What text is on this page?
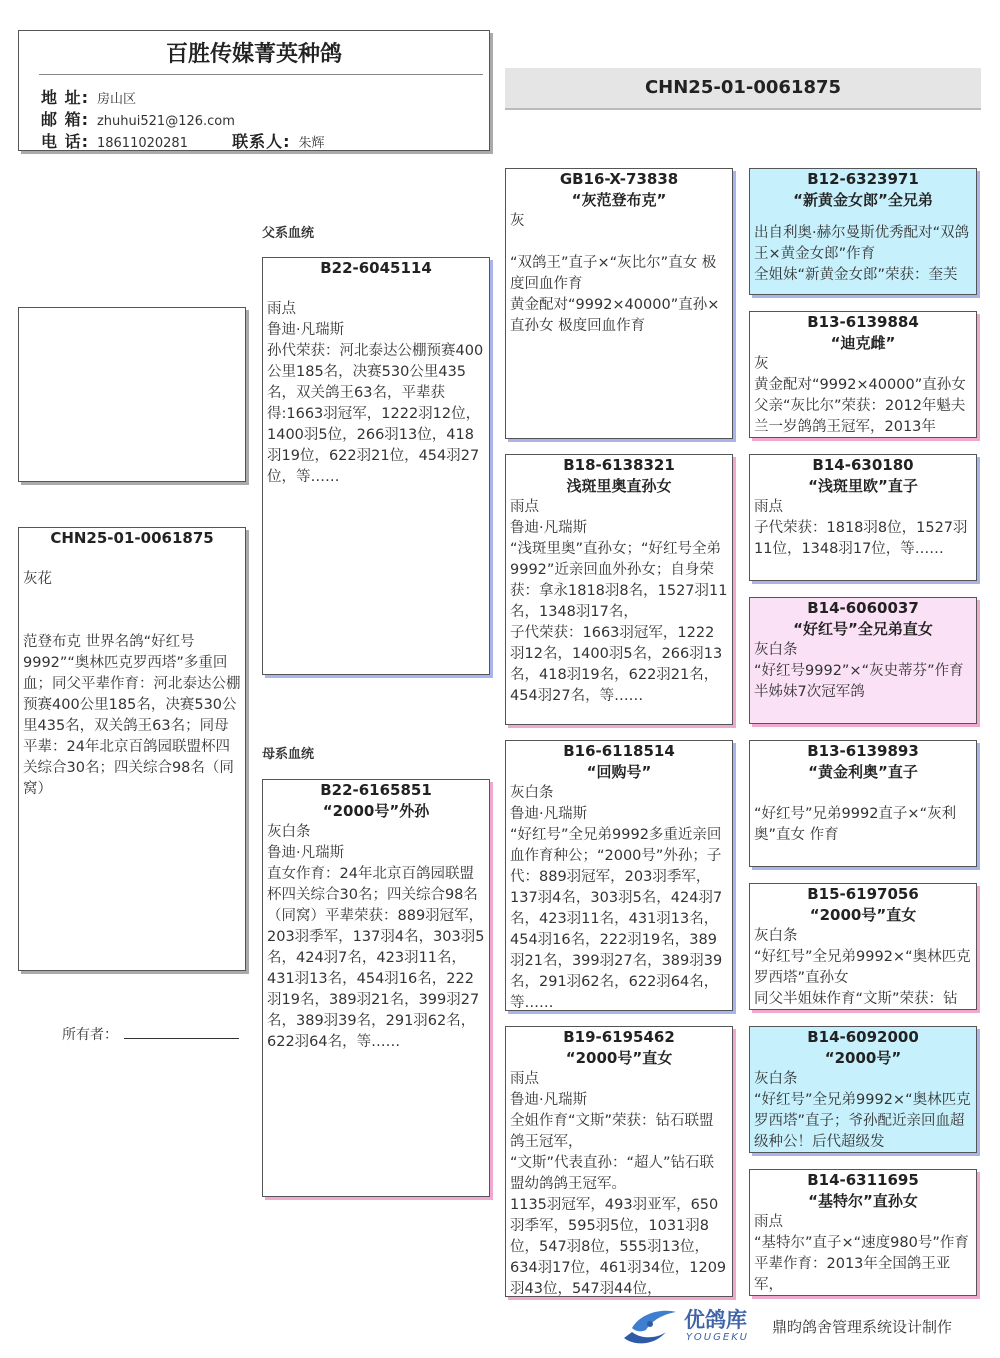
百胜传媒菁英种鸽
地 址: 房山区
邮 箱: zhuhui521@126.com
电 话: 18611020281	联系人: 朱辉
CHN25-01-0061875
父系血统
母系血统
CHN25-01-0061875

灰花

范登布克 世界名鸽“好红号9992”“奥林匹克罗西塔”多重回血；同父平辈作育：河北泰达公棚预赛400公里185名，决赛530公里435名，双关鸽王63名；同母平辈：24年北京百鸽园联盟杯四关综合30名；四关综合98名（同窝）

所有者：
B22-6045114

雨点

鲁迪·凡瑞斯

孙代荣获：河北泰达公棚预赛400公里185名，决赛530公里435名，双关鸽王63名，平辈获得:1663羽冠军，1222羽12位，1400羽5位，266羽13位，418羽19位，622羽21位，454羽27位，等……

B22-6165851
“2000号”外孙

灰白条

鲁迪·凡瑞斯

直女作育：24年北京百鸽园联盟杯四关综合30名；四关综合98名（同窝）平辈荣获：889羽冠军，203羽季军，137羽4名，303羽5名，424羽7名，423羽11名，431羽13名，454羽16名，222羽19名，389羽21名，399羽27名，389羽39名，291羽62名，622羽64名，等……

GB16-X-73838
“灰范登布克”

灰

“双鸽王”直子×“灰比尔”直女 极度回血作育
黄金配对“9992×40000”直孙×直孙女 极度回血作育

B18-6138321
浅斑里奥直孙女

雨点

鲁迪·凡瑞斯

“浅斑里奥”直孙女；“好红号全弟9992”近亲回血外孙女；自身荣获：拿永1818羽8名，1527羽11名，1348羽17名，
子代荣获：1663羽冠军，1222羽12名，1400羽5名，266羽13名，418羽19名，622羽21名，454羽27名，等……

B16-6118514
“回购号”

灰白条

鲁迪·凡瑞斯

“好红号”全兄弟9992多重近亲回血作育种公；“2000号”外孙；子代：889羽冠军，203羽季军，137羽4名，303羽5名，424羽7名，423羽11名，431羽13名，454羽16名，222羽19名，389羽21名，399羽27名，389羽39名，291羽62名，622羽64名，等……

B19-6195462
“2000号”直女

雨点

鲁迪·凡瑞斯

全姐作育“文斯”荣获：钻石联盟鸽王冠军，
“文斯”代表直孙：“超人”钻石联盟幼鸽鸽王冠军。
1135羽冠军，493羽亚军，650羽季军，595羽5位，1031羽8位，547羽8位，555羽13位，634羽17位，461羽34位，1209羽43位，547羽44位，

B12-6323971
“新黄金女郎”全兄弟

出自利奥·赫尔曼斯优秀配对“双鸽王×黄金女郎”作育
全姐妹“新黄金女郎”荣获：奎芙

B13-6139884
“迪克雌”

灰

黄金配对“9992×40000”直孙女
父亲“灰比尔”荣获：2012年魁夫兰一岁鸽鸽王冠军，2013年

B14-630180
“浅斑里欧”直子

雨点

子代荣获：1818羽8位，1527羽11位，1348羽17位，等……

B14-6060037
“好红号”全兄弟直女

灰白条

“好红号9992”×“灰史蒂芬”作育
半姊妹7次冠军鸽

B13-6139893
“黄金利奥”直子

“好红号”兄弟9992直子×“灰利奥”直女 作育

B15-6197056
“2000号”直女

灰白条

“好红号”全兄弟9992×“奥林匹克罗西塔”直孙女
同父半姐妹作育“文斯”荣获：钻

B14-6092000
“2000号”

灰白条

“好红号”全兄弟9992×“奥林匹克罗西塔”直子；爷孙配近亲回血超级种公！后代超级发

B14-6311695
“基特尔”直孙女

雨点

“基特尔”直子×“速度980号”作育
平辈作育：2013年全国鸽王亚军，

优鸽库
YOUGEKU
鼎昀鸽舍管理系统设计制作
